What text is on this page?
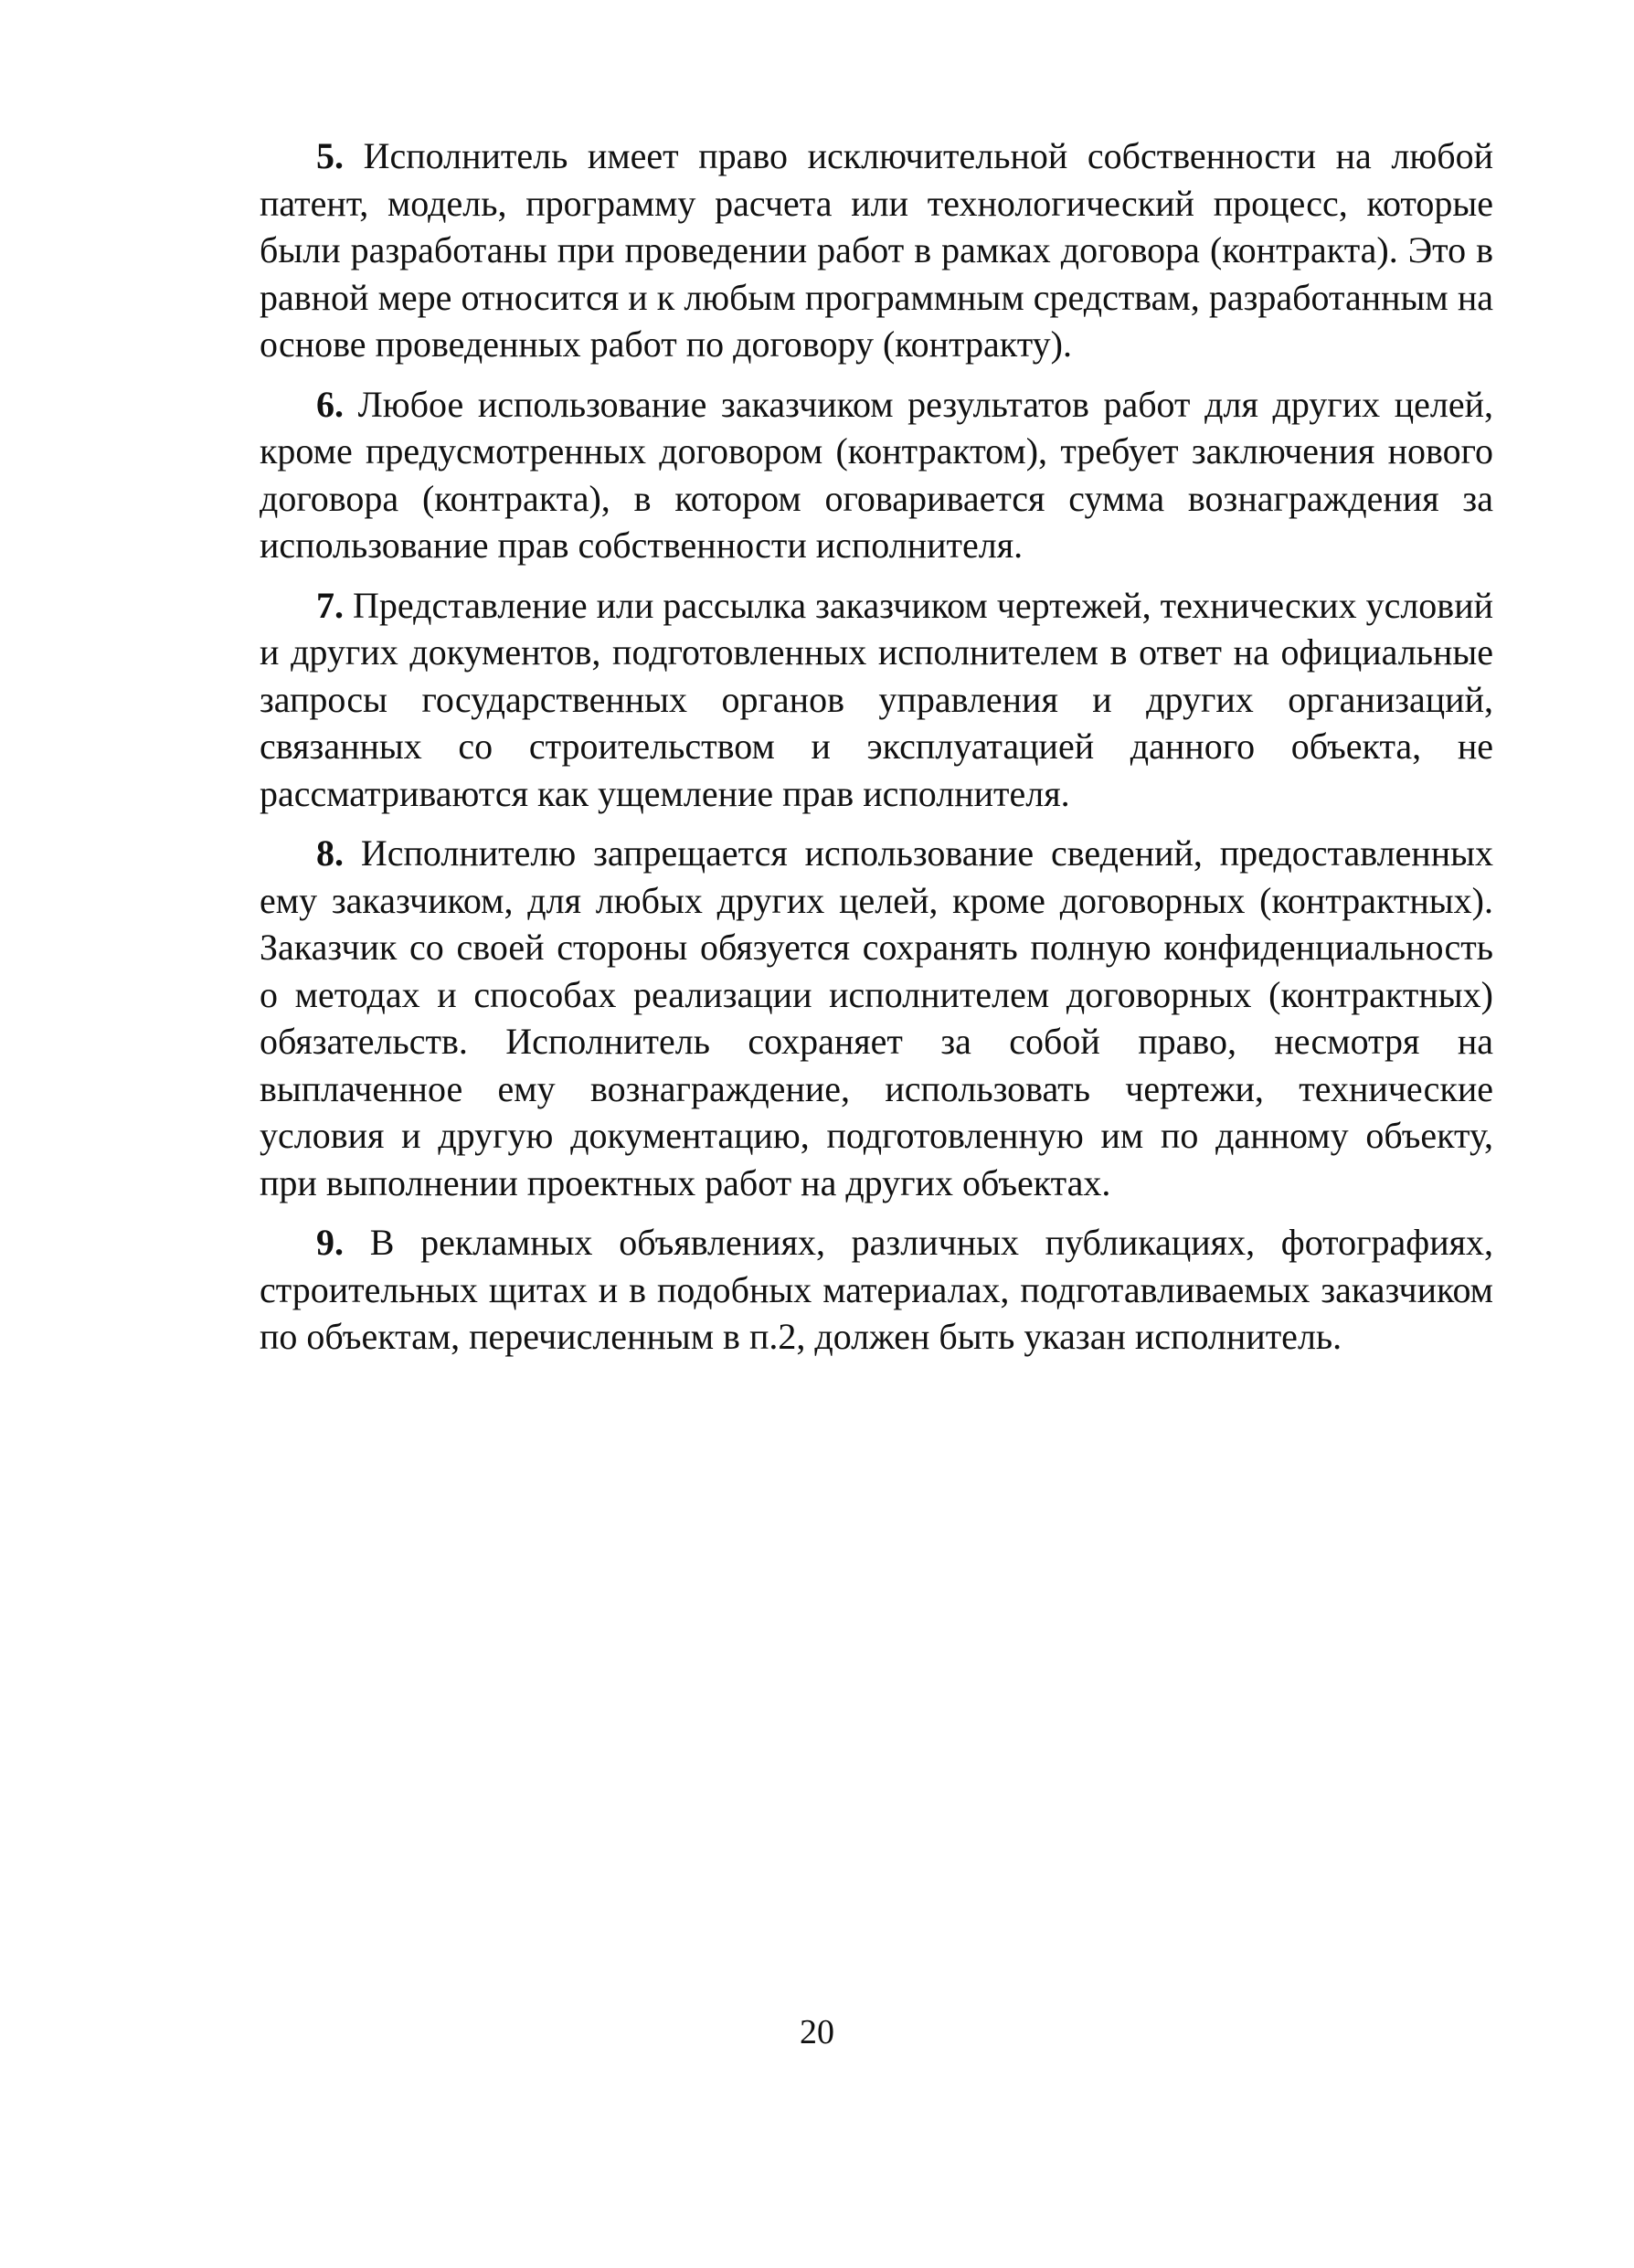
5. Исполнитель имеет право исключительной собственности на любой патент, модель, программу расчета или технологический процесс, которые были разработаны при проведении работ в рамках договора (контракта). Это в равной мере относится и к любым программным средствам, разработанным на основе проведенных работ по договору (контракту).

6. Любое использование заказчиком результатов работ для других целей, кроме предусмотренных договором (контрактом), требует заключения нового договора (контракта), в котором оговаривается сумма вознаграждения за использование прав собственности исполнителя.

7. Представление или рассылка заказчиком чертежей, технических условий и других документов, подготовленных исполнителем в ответ на официальные запросы государственных органов управления и других организаций, связанных со строительством и эксплуатацией данного объекта, не рассматриваются как ущемление прав исполнителя.

8. Исполнителю запрещается использование сведений, предоставленных ему заказчиком, для любых других целей, кроме договорных (контрактных). Заказчик со своей стороны обязуется сохранять полную конфиденциальность о методах и способах реализации исполнителем договорных (контрактных) обязательств. Исполнитель сохраняет за собой право, несмотря на выплаченное ему вознаграждение, использовать чертежи, технические условия и другую документацию, подготовленную им по данному объекту, при выполнении проектных работ на других объектах.

9. В рекламных объявлениях, различных публикациях, фотографиях, строительных щитах и в подобных материалах, подготавливаемых заказчиком по объектам, перечисленным в п.2, должен быть указан исполнитель.

20
